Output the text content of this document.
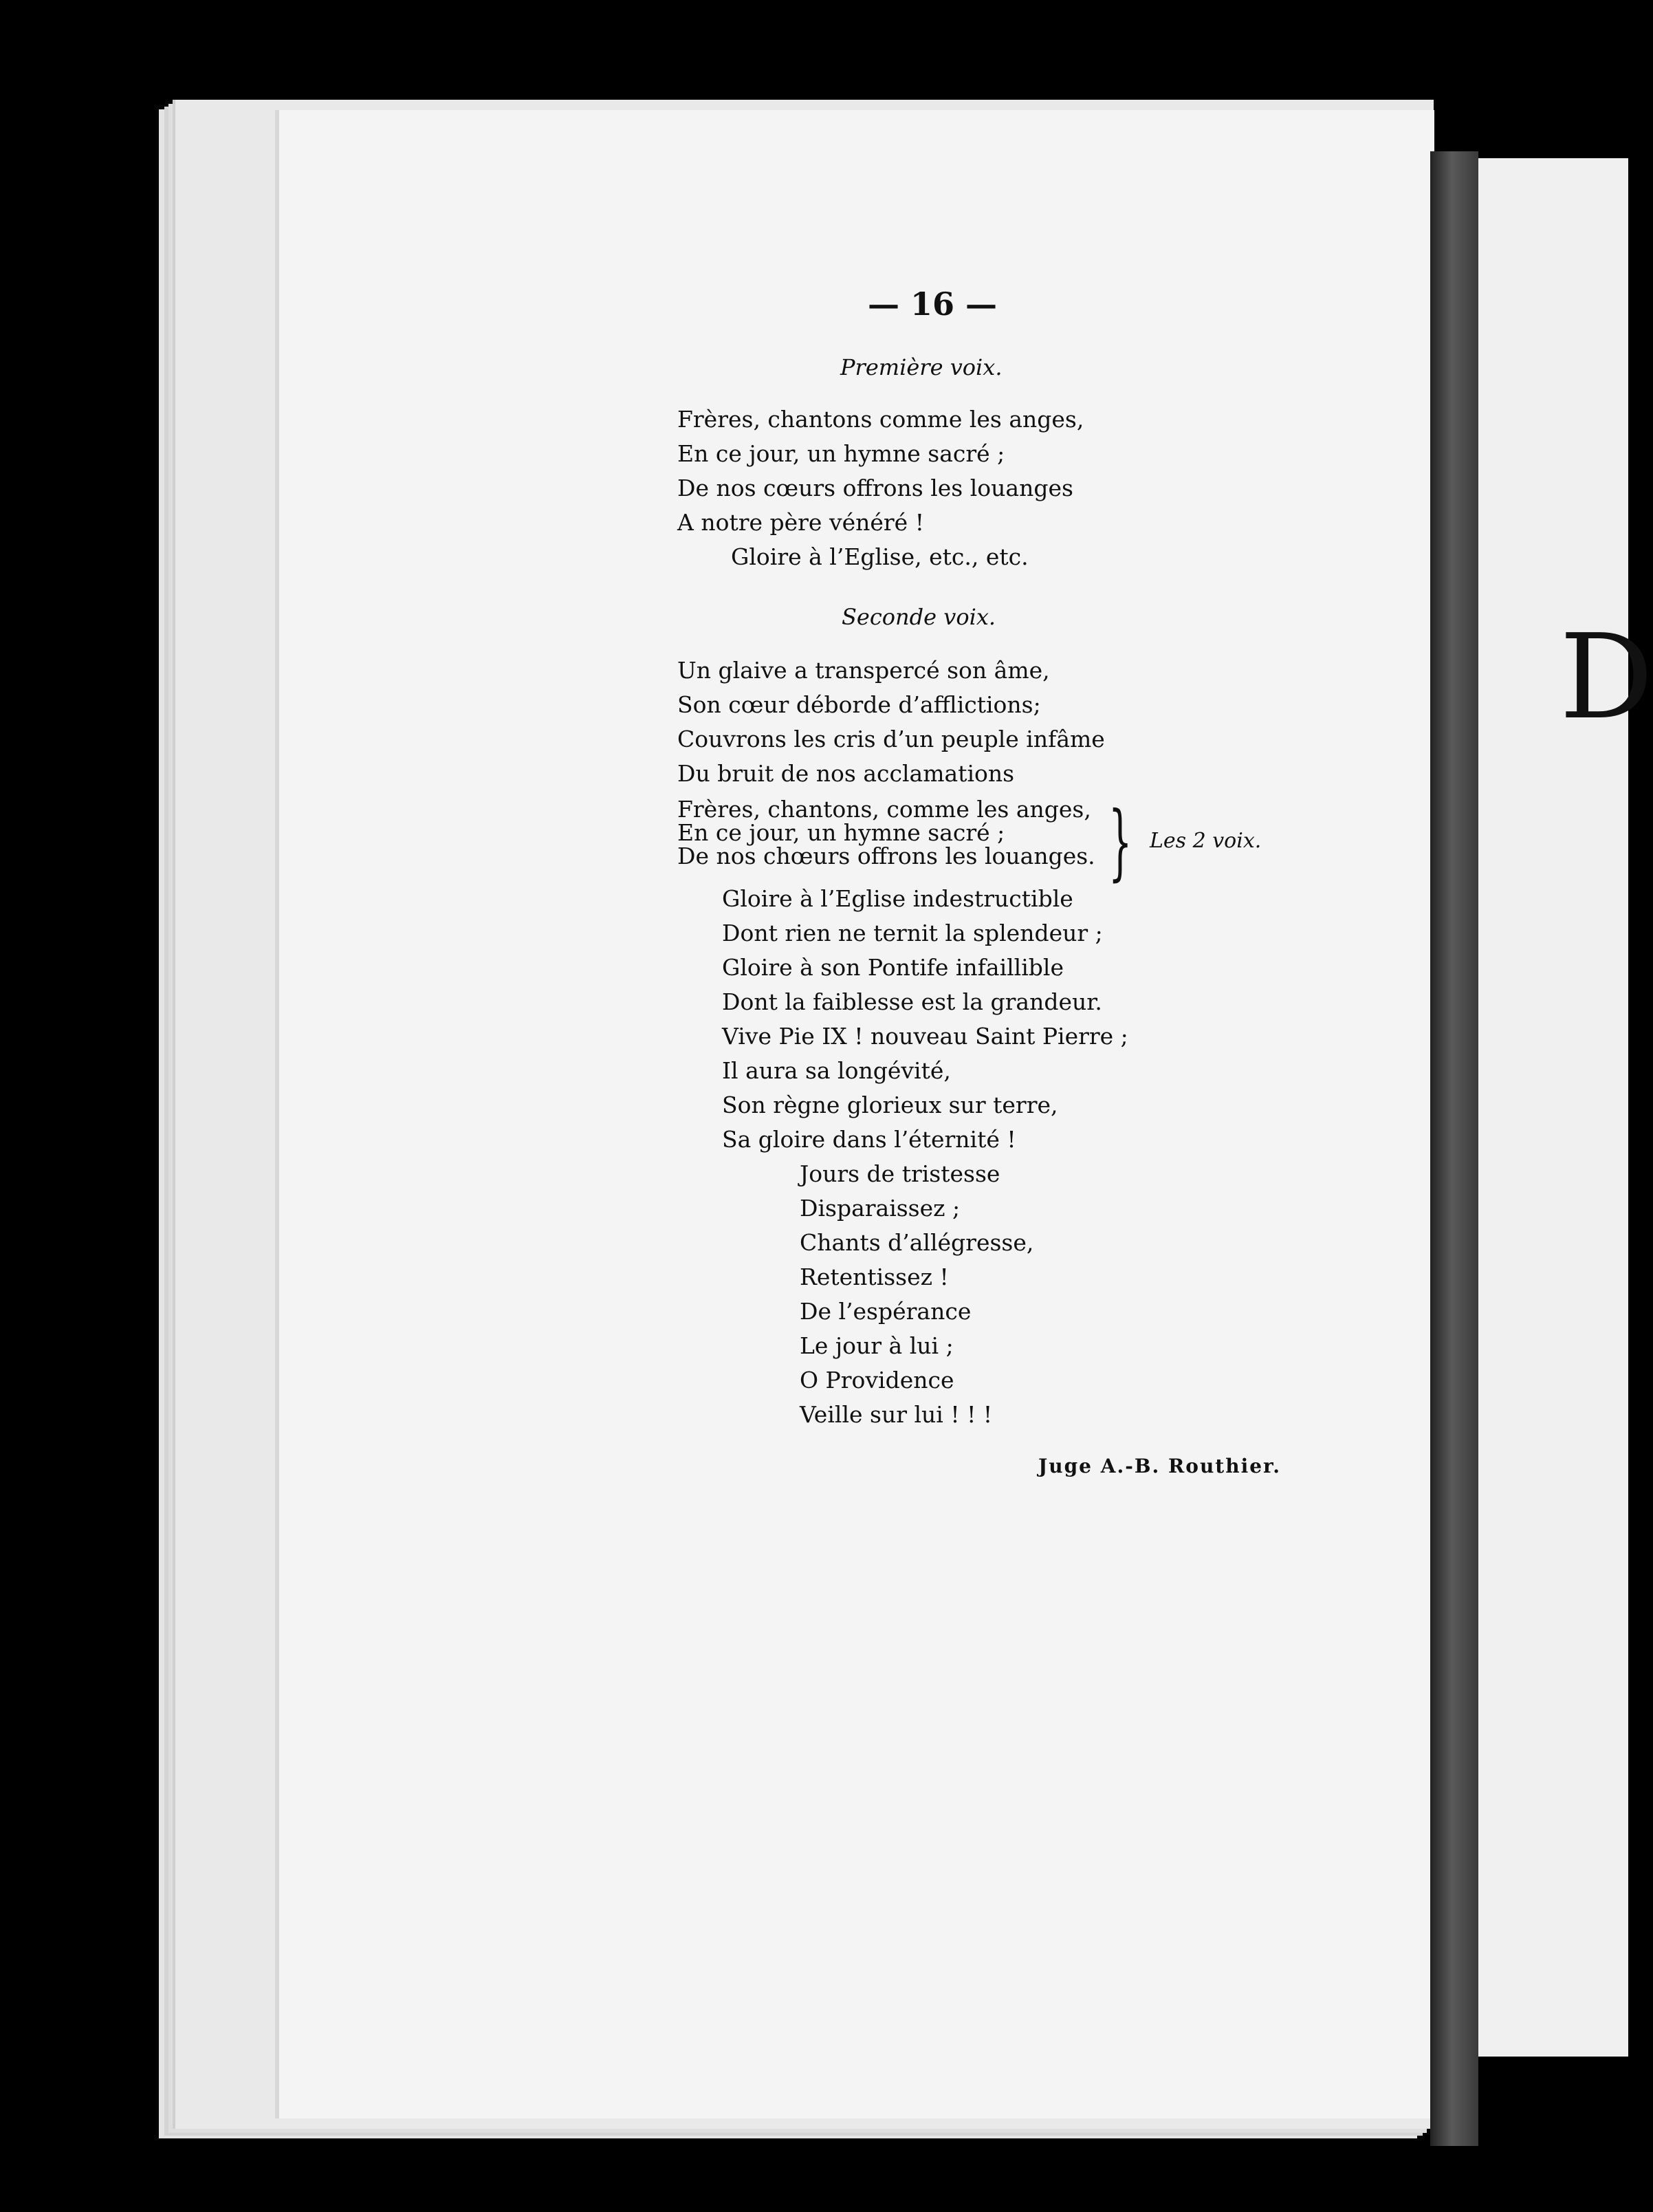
D
— 16 —
Première voix.
Frères, chantons comme les anges,
En ce jour, un hymne sacré ;
De nos cœurs offrons les louanges
A notre père vénéré !
Gloire à l’Eglise, etc., etc.
Seconde voix.
Un glaive a transpercé son âme,
Son cœur déborde d’afflictions;
Couvrons les cris d’un peuple infâme
Du bruit de nos acclamations
Frères, chantons, comme les anges,
En ce jour, un hymne sacré ;
De nos chœurs offrons les louanges. } Les 2 voix.
Gloire à l’Eglise indestructible
Dont rien ne ternit la splendeur ;
Gloire à son Pontife infaillible
Dont la faiblesse est la grandeur.
Vive Pie IX ! nouveau Saint Pierre ;
Il aura sa longévité,
Son règne glorieux sur terre,
Sa gloire dans l’éternité !
Jours de tristesse
Disparaissez ;
Chants d’allégresse,
Retentissez !
De l’espérance
Le jour à lui ;
O Providence
Veille sur lui ! ! !
Juge A.-B. Routhier.
